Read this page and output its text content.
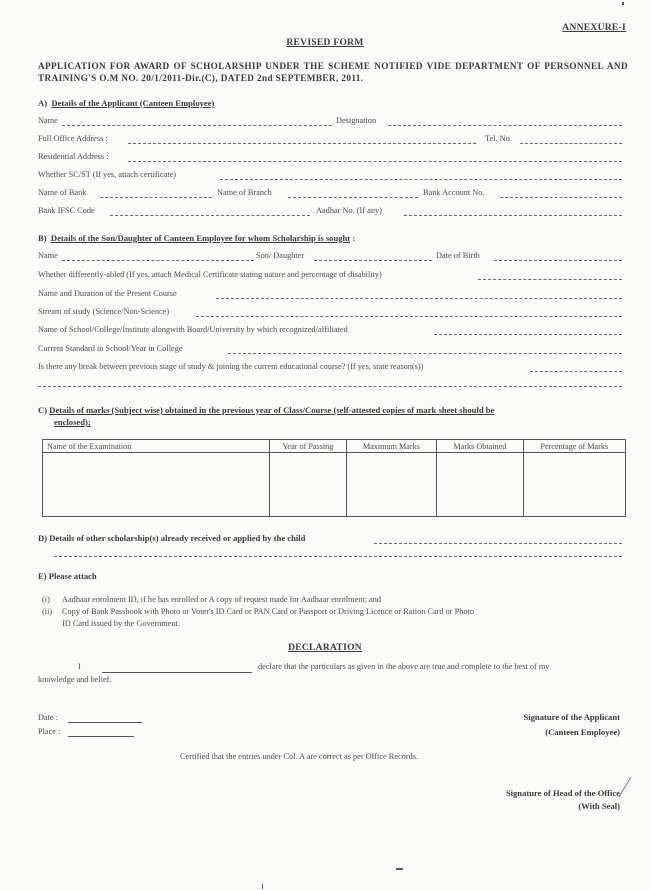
ANNEXURE-I
REVISED FORM
APPLICATION FOR AWARD OF SCHOLARSHIP UNDER THE SCHEME NOTIFIED VIDE DEPARTMENT OF PERSONNEL AND TRAINING'S O.M NO. 20/1/2011-Dir.(C), DATED 2nd SEPTEMBER, 2011.
A) Details of the Applicant (Canteen Employee)
Name	Designation
Full Office Address :	Tel. No.
Residential Address :
Whether SC/ST (If yes, attach certificate)
Name of Bank	Name of Branch	Bank Account No.
Bank IFSC Code	Aadhar No. (If any)
B) Details of the Son/Daughter of Canteen Employee for whom Scholarship is sought :
Name	Son/ Daughter	Date of Birth
Whether differently-abled (If yes, attach Medical Certificate stating nature and percentage of disability)
Name and Duration of the Present Course
Stream of study (Science/Non-Science)
Name of School/College/Institute alongwith Board/University by which recognized/affiliated
Current Standard in School/Year in College
Is there any break between previous stage of study & joining the current educational course? (If yes, state reason(s))
C) Details of marks (Subject wise) obtained in the previous year of Class/Course (self-attested copies of mark sheet should be
enclosed);
Name of the Examination	Year of Passing	Maximum Marks	Marks Obtained	Percentage of Marks

D) Details of other scholarship(s) already received or applied by the child
E) Please attach
(i) Aadhaar enrolment ID, if he has enrolled or A copy of request made for Aadhaar enrolment; and
(ii) Copy of Bank Passbook with Photo or Voter's ID Card or PAN Card or Passport or Driving Licence or Ration Card or Photo
ID Card issued by the Government.
DECLARATION
I	declare that the particulars as given in the above are true and complete to the best of my
knowledge and belief.
Date :
Place :
Signature of the Applicant
(Canteen Employee)
Certified that the entries under Col. A are correct as per Office Records.
Signature of Head of the Office
(With Seal)
